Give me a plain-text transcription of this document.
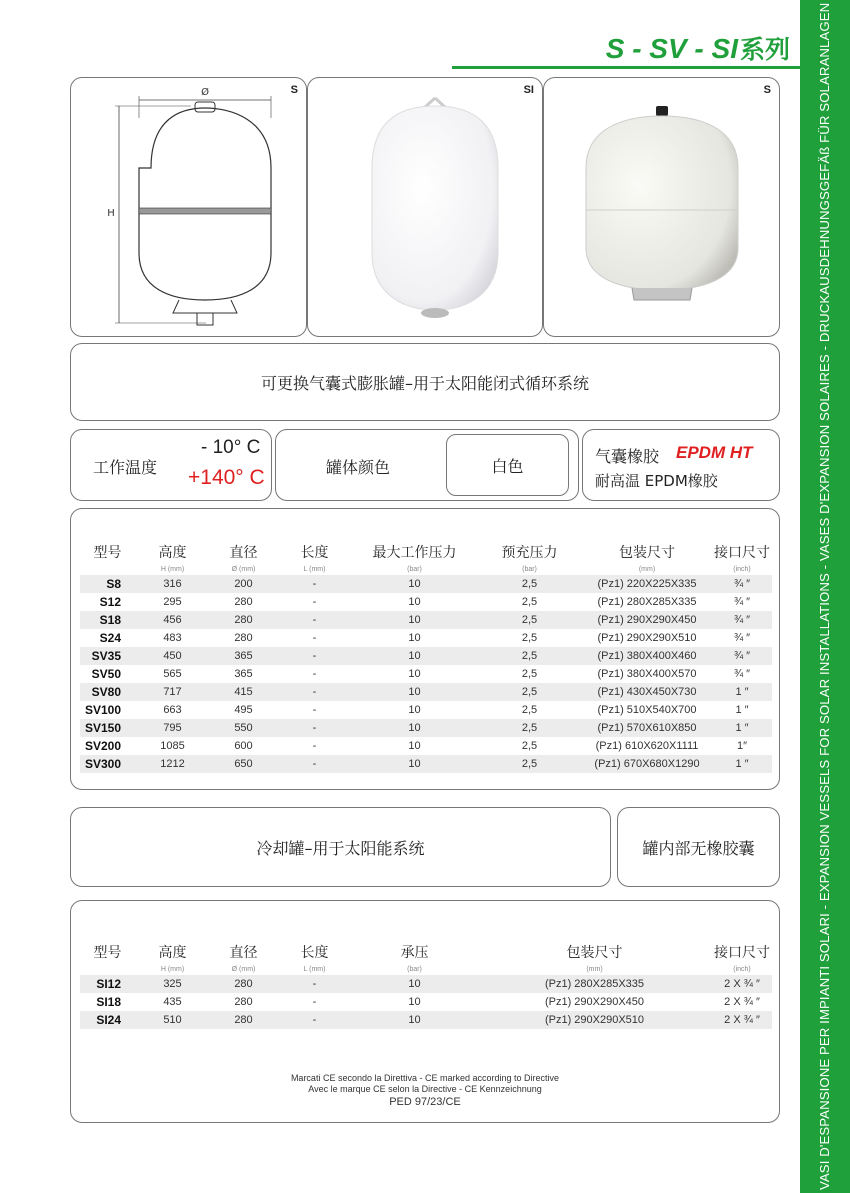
VASI D'ESPANSIONE PER IMPIANTI SOLARI - EXPANSION VESSELS FOR SOLAR INSTALLATIONS - VASES D'EXPANSION SOLAIRES - DRUCKAUSDEHNUNGSGEFÄß FÜR SOLARANLAGEN
S - SV - SI系列
S
Ø
H
SI	S
可更换气囊式膨胀罐–用于太阳能闭式循环系统
工作温度
- 10° C
+140° C	罐体颜色	白色	气囊橡胶 EPDM HT
耐高温 EPDM橡胶
型号	高度	直径	长度	最大工作压力	预充压力	包装尺寸	接口尺寸
	H (mm)	Ø (mm)	L (mm)	(bar)	(bar)	(mm)	(inch)
S8	316	200	-	10	2,5	(Pz1) 220X225X335	¾ ″
S12	295	280	-	10	2,5	(Pz1) 280X285X335	¾ ″
S18	456	280	-	10	2,5	(Pz1) 290X290X450	¾ ″
S24	483	280	-	10	2,5	(Pz1) 290X290X510	¾ ″
SV35	450	365	-	10	2,5	(Pz1) 380X400X460	¾ ″
SV50	565	365	-	10	2,5	(Pz1) 380X400X570	¾ ″
SV80	717	415	-	10	2,5	(Pz1) 430X450X730	1 ″
SV100	663	495	-	10	2,5	(Pz1) 510X540X700	1 ″
SV150	795	550	-	10	2,5	(Pz1) 570X610X850	1 ″
SV200	1085	600	-	10	2,5	(Pz1) 610X620X1111	1″
SV300	1212	650	-	10	2,5	(Pz1) 670X680X1290	1 ″
冷却罐–用于太阳能系统	罐内部无橡胶囊
型号	高度	直径	长度	承压	包装尺寸	接口尺寸
	H (mm)	Ø (mm)	L (mm)	(bar)	(mm)	(inch)
SI12	325	280	-	10	(Pz1) 280X285X335	2 X ¾ ″
SI18	435	280	-	10	(Pz1) 290X290X450	2 X ¾ ″
SI24	510	280	-	10	(Pz1) 290X290X510	2 X ¾ ″
Marcati CE secondo la Direttiva - CE marked according to Directive
Avec le marque CE selon la Directive - CE Kennzeichnung
PED 97/23/CE
